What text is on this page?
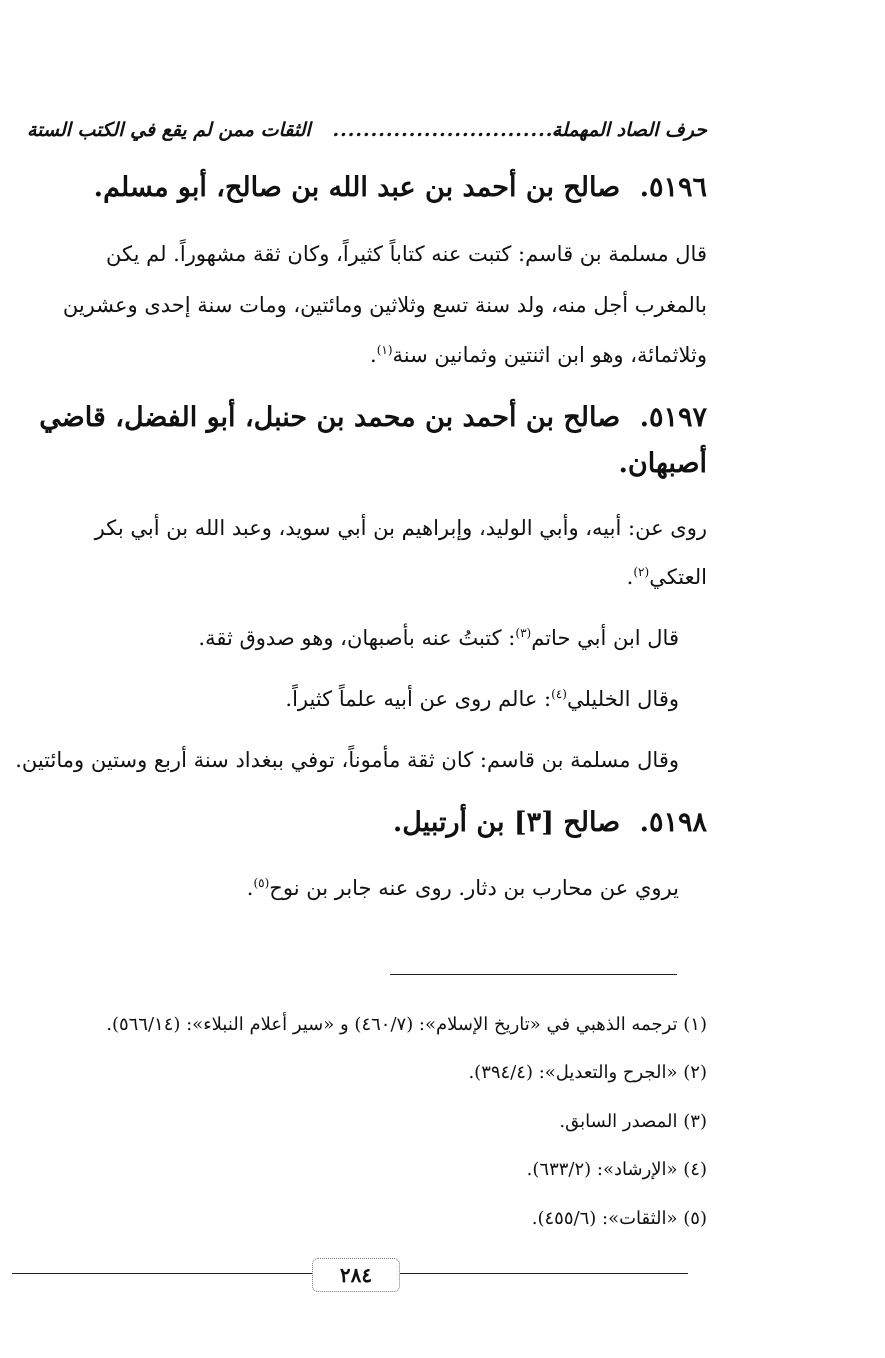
حرف الصاد المهملة
..............................
الثقات ممن لم يقع في الكتب الستة
٥١٩٦. صالح بن أحمد بن عبد الله بن صالح، أبو مسلم.
قال مسلمة بن قاسم: كتبت عنه كتاباً كثيراً، وكان ثقة مشهوراً. لم يكن
بالمغرب أجل منه، ولد سنة تسع وثلاثين ومائتين، ومات سنة إحدى وعشرين
وثلاثمائة، وهو ابن اثنتين وثمانين سنة$^{(١)}$.
٥١٩٧. صالح بن أحمد بن محمد بن حنبل، أبو الفضل، قاضي
أصبهان.
روى عن: أبيه، وأبي الوليد، وإبراهيم بن أبي سويد، وعبد الله بن أبي بكر
العتكي$^{(٢)}$.
قال ابن أبي حاتم$^{(٣)}$: كتبتُ عنه بأصبهان، وهو صدوق ثقة.
وقال الخليلي$^{(٤)}$: عالم روى عن أبيه علماً كثيراً.
وقال مسلمة بن قاسم: كان ثقة مأموناً، توفي ببغداد سنة أربع وستين ومائتين.
٥١٩٨. صالح [٣] بن أرتبيل.
يروي عن محارب بن دثار. روى عنه جابر بن نوح$^{(٥)}$.
(١) ترجمه الذهبي في «تاريخ الإسلام»: (٤٦٠/٧) و «سير أعلام النبلاء»: (٥٦٦/١٤).
(٢) «الجرح والتعديل»: (٣٩٤/٤).
(٣) المصدر السابق.
(٤) «الإرشاد»: (٦٣٣/٢).
(٥) «الثقات»: (٤٥٥/٦).
٢٨٤
